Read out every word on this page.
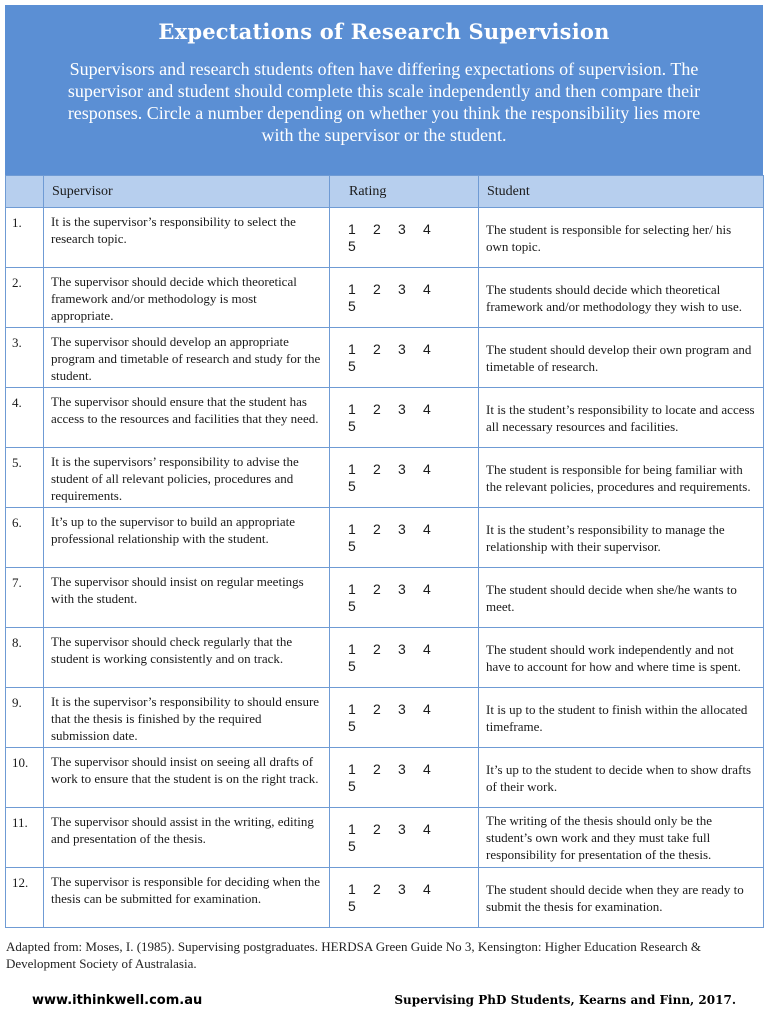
Expectations of Research Supervision
Supervisors and research students often have differing expectations of supervision. The supervisor and student should complete this scale independently and then compare their responses. Circle a number depending on whether you think the responsibility lies more with the supervisor or the student.
	Supervisor	Rating	Student
1.	It is the supervisor’s responsibility to select the research topic.	1 2 3 45	The student is responsible for selecting her/ his own topic.
2.	The supervisor should decide which theoretical framework and/or methodology is most appropriate.	1 2 3 45	The students should decide which theoretical framework and/or methodology they wish to use.
3.	The supervisor should develop an appropriate program and timetable of research and study for the student.	1 2 3 45	The student should develop their own program and timetable of research.
4.	The supervisor should ensure that the student has access to the resources and facilities that they need.	1 2 3 45	It is the student’s responsibility to locate and access all necessary resources and facilities.
5.	It is the supervisors’ responsibility to advise the student of all relevant policies, procedures and requirements.	1 2 3 45	The student is responsible for being familiar with the relevant policies, procedures and requirements.
6.	It’s up to the supervisor to build an appropriate professional relationship with the student.	1 2 3 45	It is the student’s responsibility to manage the relationship with their supervisor.
7.	The supervisor should insist on regular meetings with the student.	1 2 3 45	The student should decide when she/he wants to meet.
8.	The supervisor should check regularly that the student is working consistently and on track.	1 2 3 45	The student should work independently and not have to account for how and where time is spent.
9.	It is the supervisor’s responsibility to should ensure that the thesis is finished by the required submission date.	1 2 3 45	It is up to the student to finish within the allocated timeframe.
10.	The supervisor should insist on seeing all drafts of work to ensure that the student is on the right track.	1 2 3 45	It’s up to the student to decide when to show drafts of their work.
11.	The supervisor should assist in the writing, editing and presentation of the thesis.	1 2 3 45	The writing of the thesis should only be the student’s own work and they must take full responsibility for presentation of the thesis.
12.	The supervisor is responsible for deciding when the thesis can be submitted for examination.	1 2 3 45	The student should decide when they are ready to submit the thesis for examination.
Adapted from: Moses, I. (1985). Supervising postgraduates. HERDSA Green Guide No 3, Kensington: Higher Education Research & Development Society of Australasia.
www.ithinkwell.com.au	Supervising PhD Students, Kearns and Finn, 2017.
